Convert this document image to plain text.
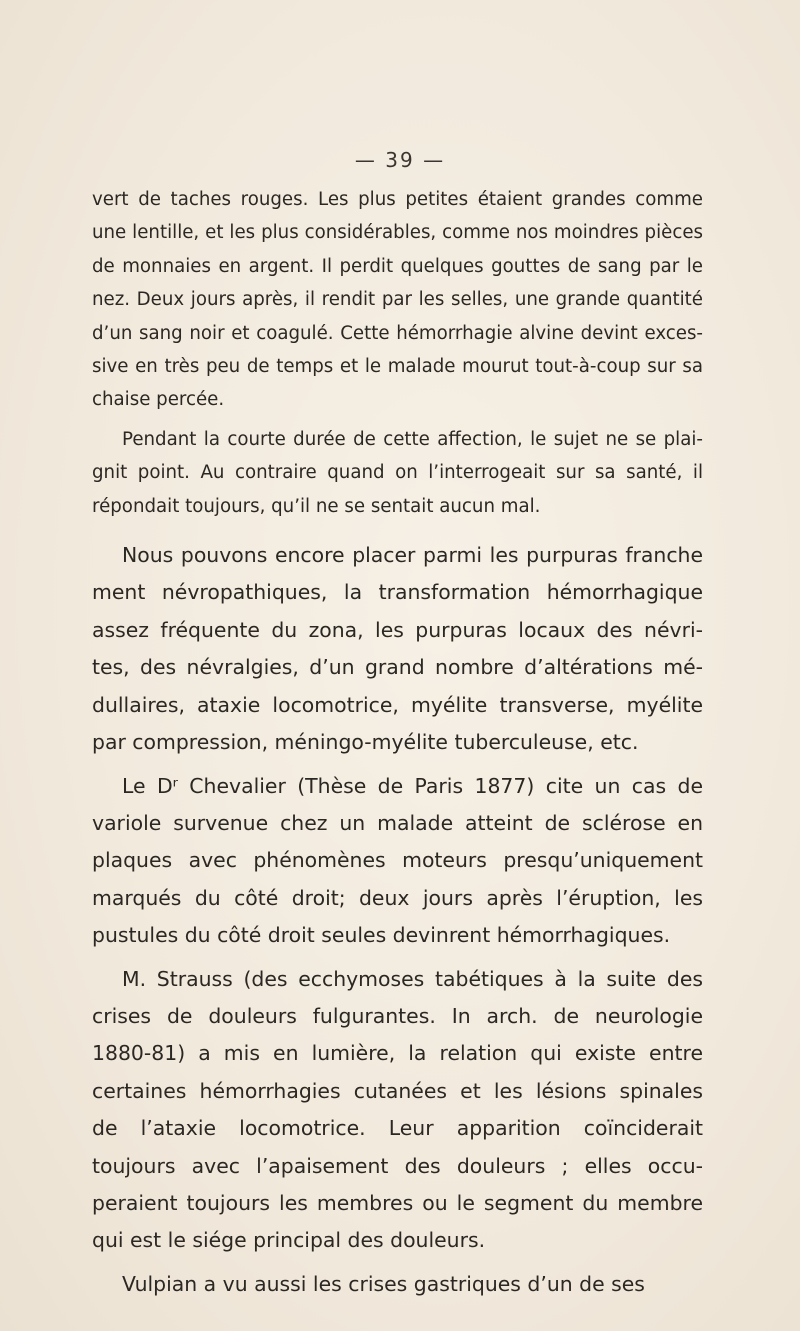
— 39 —

vert de taches rouges. Les plus petites étaient grandes comme
une lentille, et les plus considérables, comme nos moindres pièces
de monnaies en argent. Il perdit quelques gouttes de sang par le
nez. Deux jours après, il rendit par les selles, une grande quantité
d’un sang noir et coagulé. Cette hémorrhagie alvine devint exces-
sive en très peu de temps et le malade mourut tout-à-coup sur sa
chaise percée.

Pendant la courte durée de cette affection, le sujet ne se plai-
gnit point. Au contraire quand on l’interrogeait sur sa santé, il
répondait toujours, qu’il ne se sentait aucun mal.

Nous pouvons encore placer parmi les purpuras franche
ment névropathiques, la transformation hémorrhagique
assez fréquente du zona, les purpuras locaux des névri-
tes, des névralgies, d’un grand nombre d’altérations mé-
dullaires, ataxie locomotrice, myélite transverse, myélite
par compression, méningo-myélite tuberculeuse, etc.
Le Dʳ Chevalier (Thèse de Paris 1877) cite un cas de
variole survenue chez un malade atteint de sclérose en
plaques avec phénomènes moteurs presqu’uniquement
marqués du côté droit; deux jours après l’éruption, les
pustules du côté droit seules devinrent hémorrhagiques.
M. Strauss (des ecchymoses tabétiques à la suite des
crises de douleurs fulgurantes. In arch. de neurologie
1880-81) a mis en lumière, la relation qui existe entre
certaines hémorrhagies cutanées et les lésions spinales
de l’ataxie locomotrice. Leur apparition coïnciderait
toujours avec l’apaisement des douleurs ; elles occu-
peraient toujours les membres ou le segment du membre
qui est le siége principal des douleurs.
Vulpian a vu aussi les crises gastriques d’un de ses
